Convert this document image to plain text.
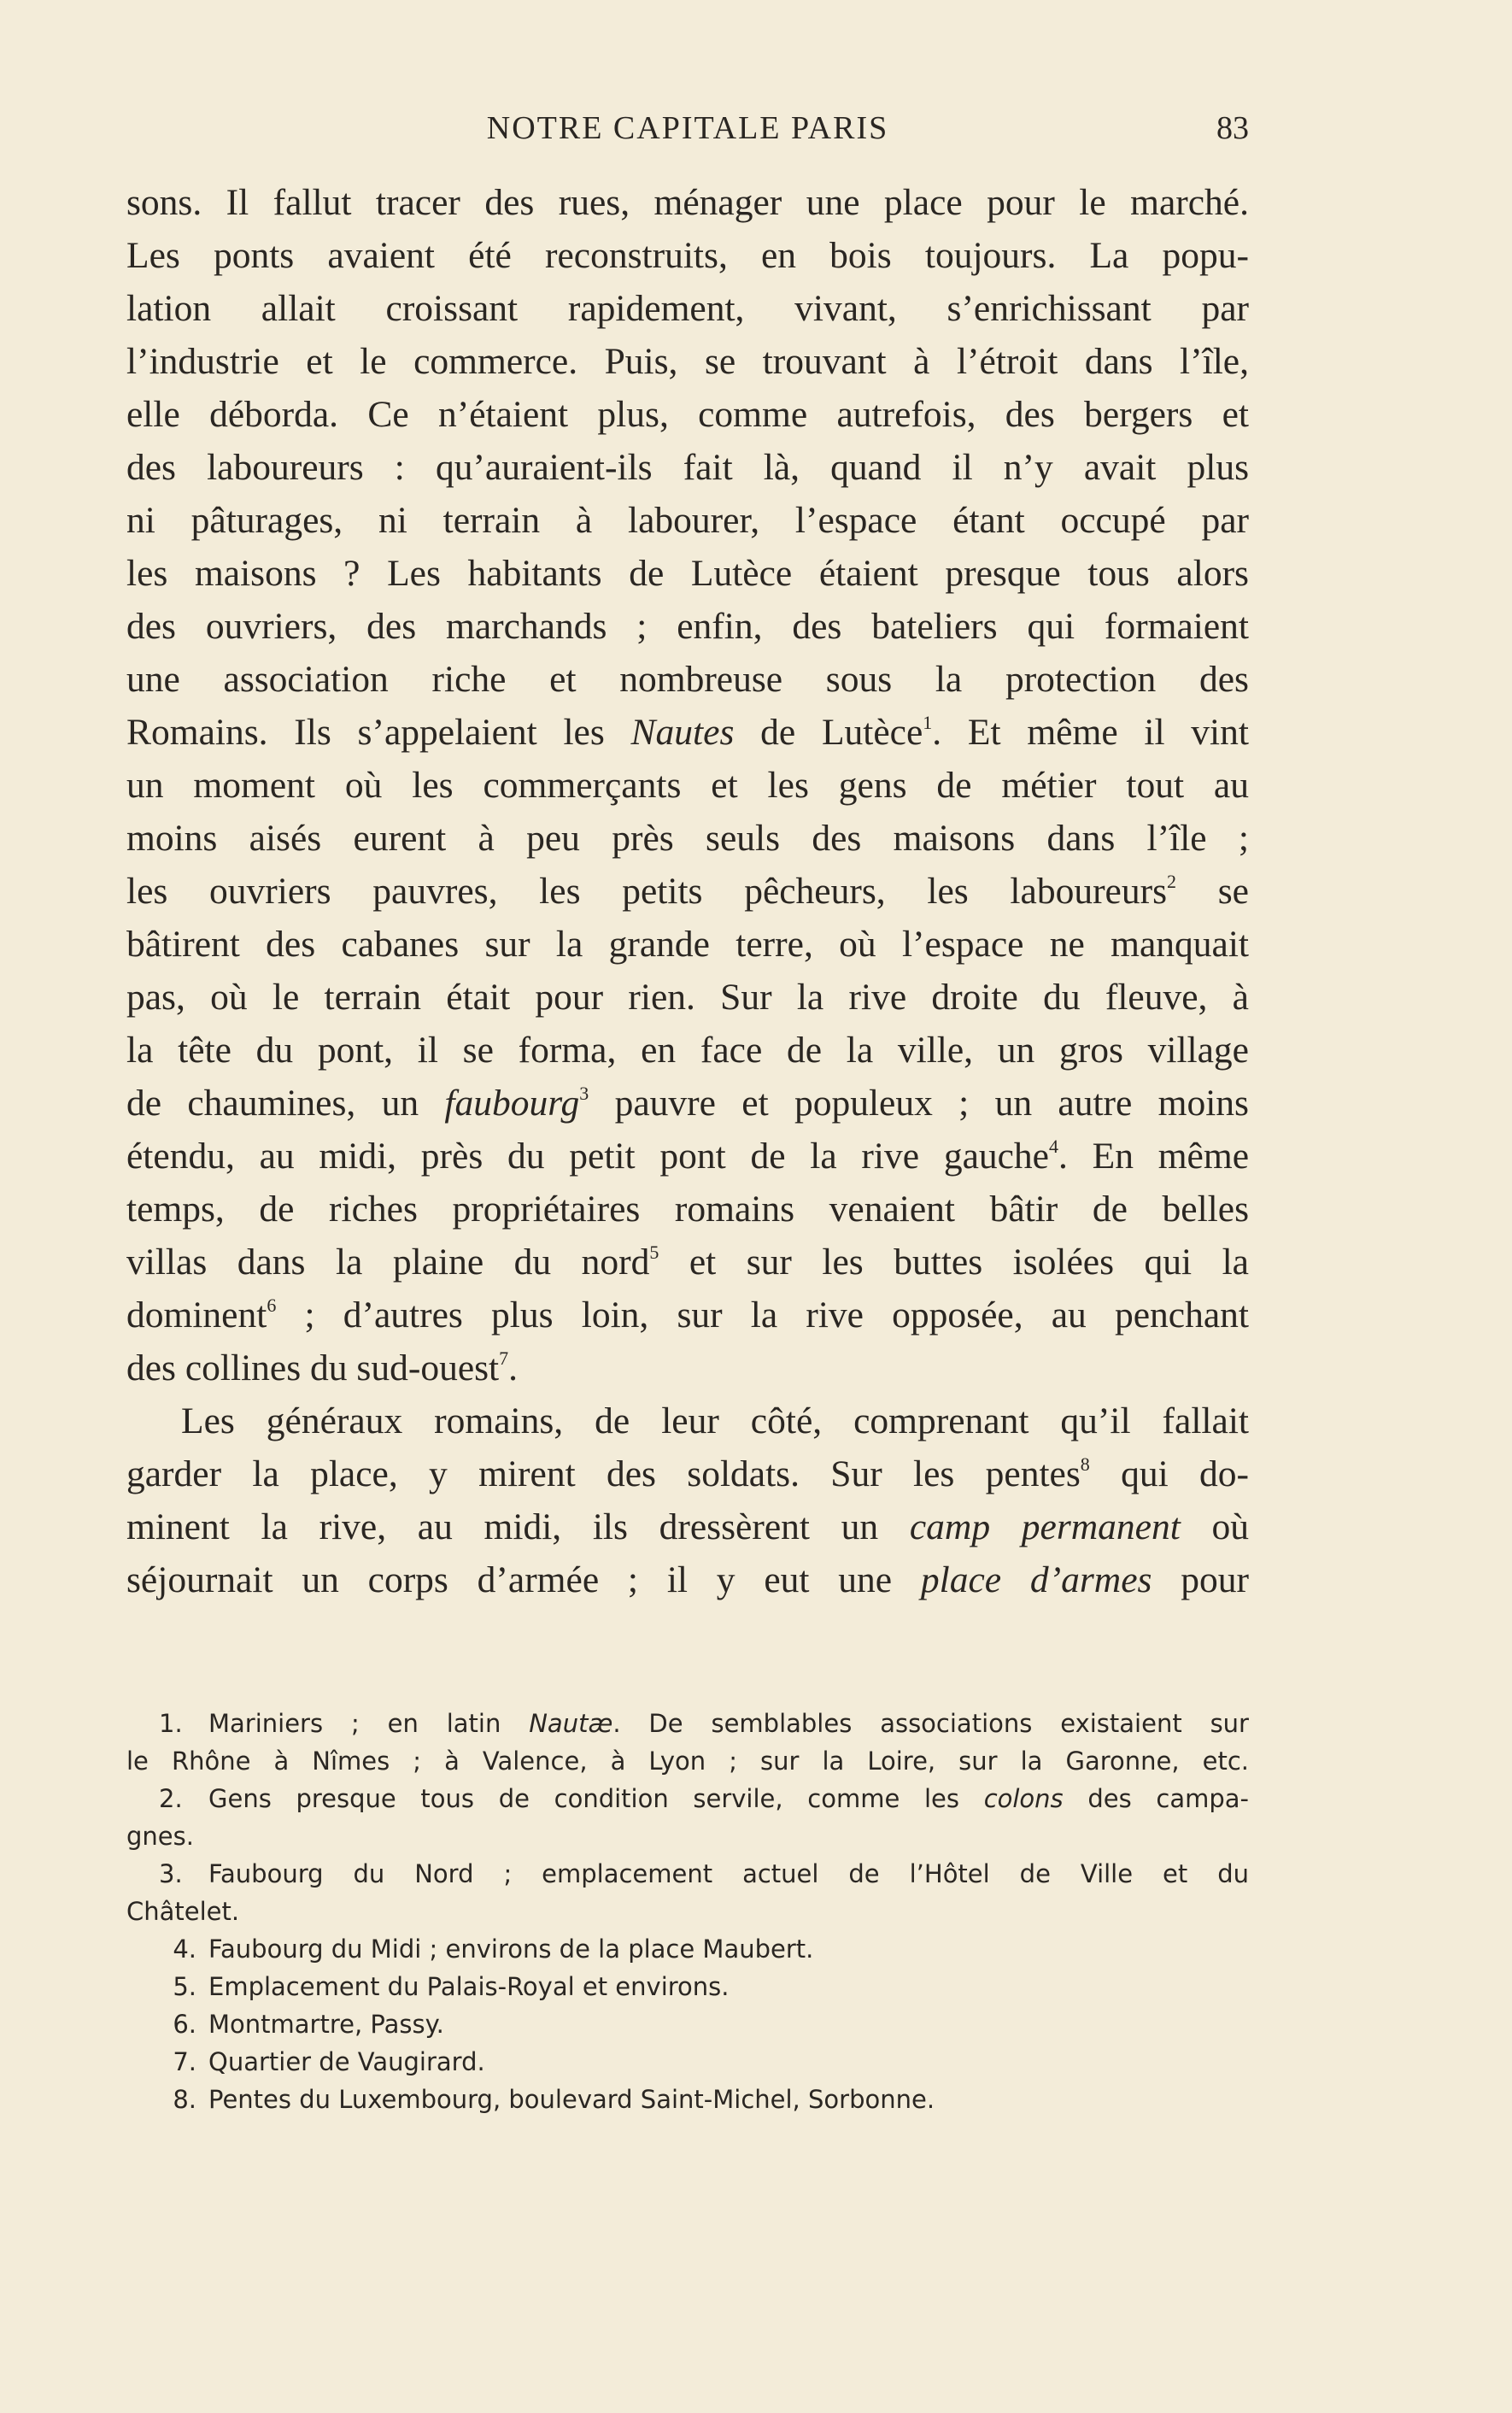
NOTRE CAPITALE PARIS	83
sons. Il fallut tracer des rues, ménager une place pour le marché.
Les ponts avaient été reconstruits, en bois toujours. La popu-
lation allait croissant rapidement, vivant, s’enrichissant par
l’industrie et le commerce. Puis, se trouvant à l’étroit dans l’île,
elle déborda. Ce n’étaient plus, comme autrefois, des bergers et
des laboureurs : qu’auraient-ils fait là, quand il n’y avait plus
ni pâturages, ni terrain à labourer, l’espace étant occupé par
les maisons ? Les habitants de Lutèce étaient presque tous alors
des ouvriers, des marchands ; enfin, des bateliers qui formaient
une association riche et nombreuse sous la protection des
Romains. Ils s’appelaient les Nautes de Lutèce$^1$. Et même il vint
un moment où les commerçants et les gens de métier tout au
moins aisés eurent à peu près seuls des maisons dans l’île ;
les ouvriers pauvres, les petits pêcheurs, les laboureurs$^2$ se
bâtirent des cabanes sur la grande terre, où l’espace ne manquait
pas, où le terrain était pour rien. Sur la rive droite du fleuve, à
la tête du pont, il se forma, en face de la ville, un gros village
de chaumines, un faubourg$^3$ pauvre et populeux ; un autre moins
étendu, au midi, près du petit pont de la rive gauche$^4$. En même
temps, de riches propriétaires romains venaient bâtir de belles
villas dans la plaine du nord$^5$ et sur les buttes isolées qui la
dominent$^6$ ; d’autres plus loin, sur la rive opposée, au penchant
des collines du sud-ouest$^7$.
Les généraux romains, de leur côté, comprenant qu’il fallait
garder la place, y mirent des soldats. Sur les pentes$^8$ qui do-
minent la rive, au midi, ils dressèrent un camp permanent où
séjournait un corps d’armée ; il y eut une place d’armes pour
1. Mariniers ; en latin Nautæ. De semblables associations existaient sur
le Rhône à Nîmes ; à Valence, à Lyon ; sur la Loire, sur la Garonne, etc.
2. Gens presque tous de condition servile, comme les colons des campa-
gnes.
3. Faubourg du Nord ; emplacement actuel de l’Hôtel de Ville et du
Châtelet.
4. Faubourg du Midi ; environs de la place Maubert.
5. Emplacement du Palais-Royal et environs.
6. Montmartre, Passy.
7. Quartier de Vaugirard.
8. Pentes du Luxembourg, boulevard Saint-Michel, Sorbonne.
